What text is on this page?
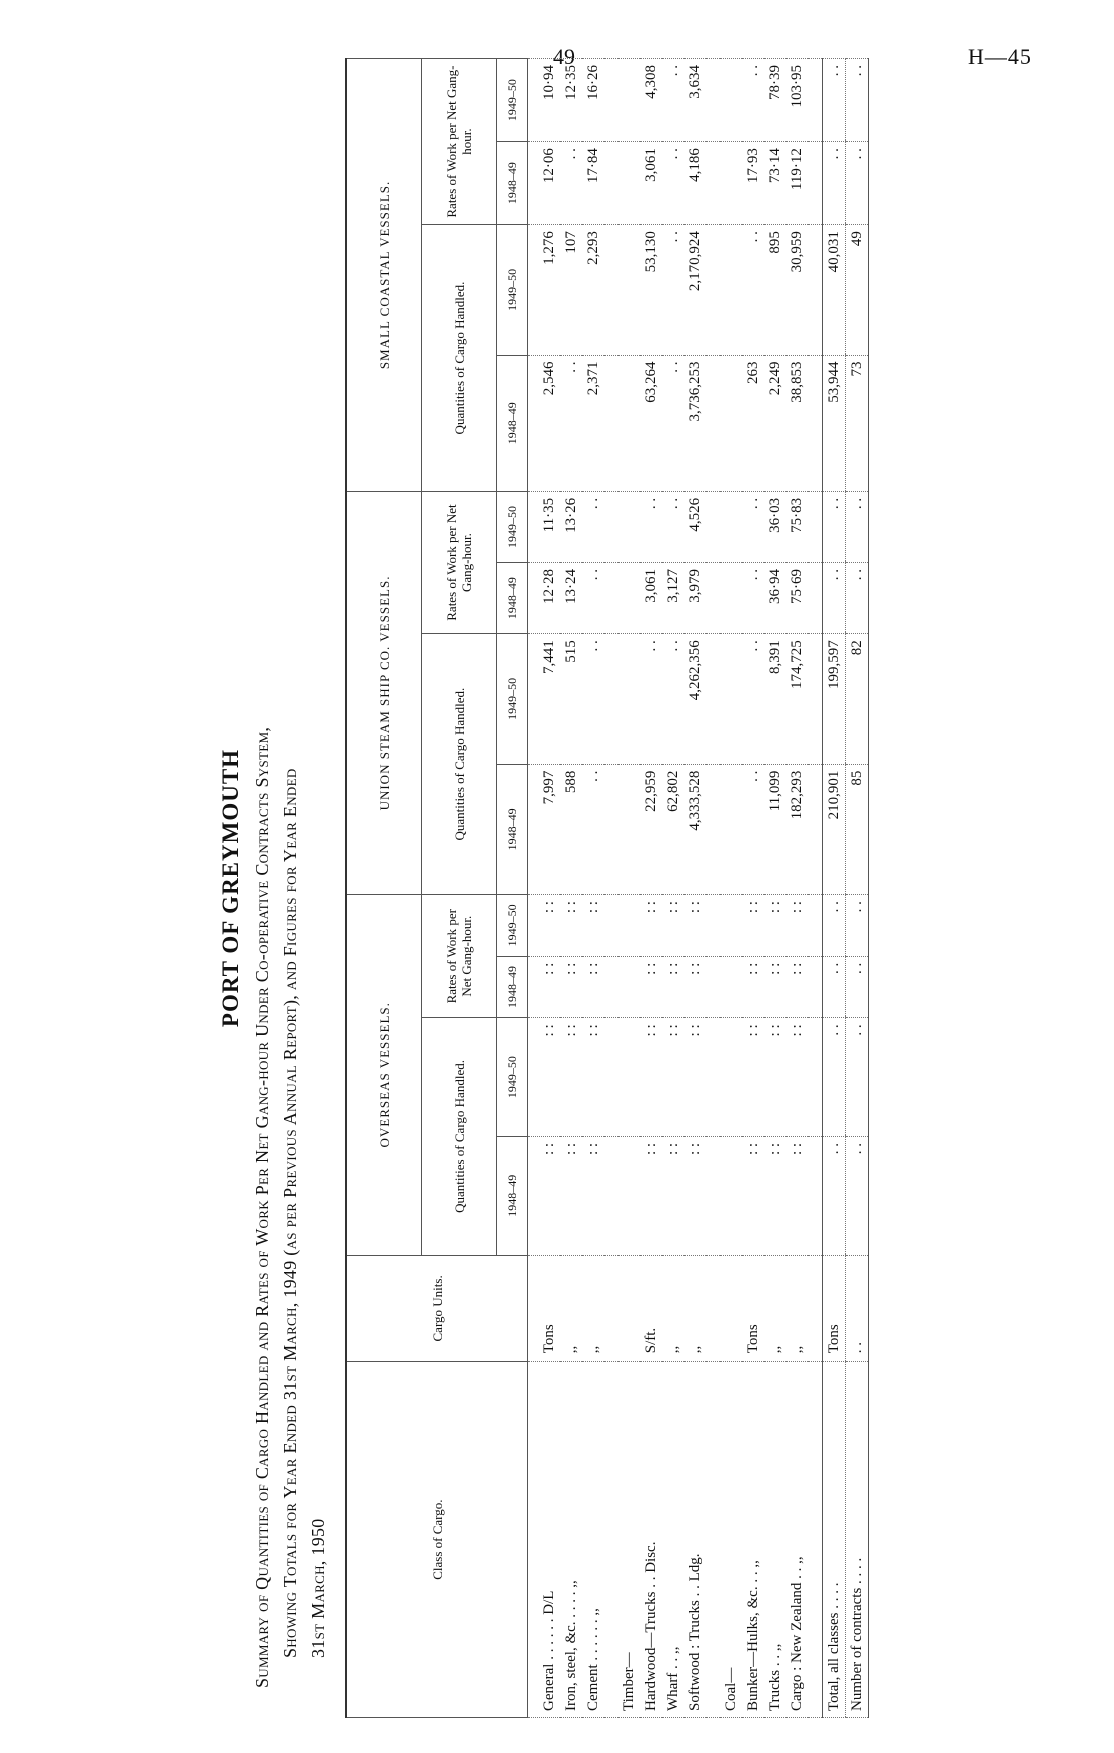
49	H—45
PORT OF GREYMOUTH Summary of Quantities of Cargo Handled and Rates of Work Per Net Gang-hour Under Co-operative Contracts System, Showing Totals for Year Ended 31st March, 1949 (as per Previous Annual Report), and Figures for Year Ended 31st March, 1950	Class of Cargo.	Cargo Units.	OVERSEAS VESSELS.				UNION STEAM SHIP CO. VESSELS.				SMALL COASTAL VESSELS.			
		Quantities of Cargo Handled.		Rates of Work per Net Gang-hour.		Quantities of Cargo Handled.		Rates of Work per Net Gang-hour.		Quantities of Cargo Handled.		Rates of Work per Net Gang-hour.	
		1948–49	1949–50	1948–49	1949–50	1948–49	1949–50	1948–49	1949–50	1948–49	1949–50	1948–49	1949–50
General . . . . . . D/L	Tons	: :	: :	: :	: :	7,997	7,441	12·28	11·35	2,546	1,276	12·06	10·94
Iron, steel, &c. . . . . ,,	,,	: :	: :	: :	: :	588	515	13·24	13·26	. .	107	. .	12·35
Cement . . . . . . ,,	,,	: :	: :	: :	: :	. .	. .	. .	. .	2,371	2,293	17·84	16·26

Timber—													
Hardwood—Trucks . . Disc.	S/ft.	: :	: :	: :	: :	22,959	. .	3,061	. .	63,264	53,130	3,061	4,308
Wharf . . ,,	,,	: :	: :	: :	: :	62,802	. .	3,127	. .	. .	. .	. .	. .
Softwood : Trucks . . Ldg.	,,	: :	: :	: :	: :	4,333,528	4,262,356	3,979	4,526	3,736,253	2,170,924	4,186	3,634

Coal—													
Bunker—Hulks, &c. . . ,,	Tons	: :	: :	: :	: :	. .	. .	. .	. .	263	. .	17·93	. .
Trucks . . ,,	,,	: :	: :	: :	: :	11,099	8,391	36·94	36·03	2,249	895	73·14	78·39
Cargo : New Zealand . . ,,	,,	: :	: :	: :	: :	182,293	174,725	75·69	75·83	38,853	30,959	119·12	103·95

Total, all classes . . . .	Tons	. .	. .	. .	. .	210,901	199,597	. .	. .	53,944	40,031	. .	. .
Number of contracts . . . .	. .	. .	. .	. .	. .	85	82	. .	. .	73	49	. .	. .
